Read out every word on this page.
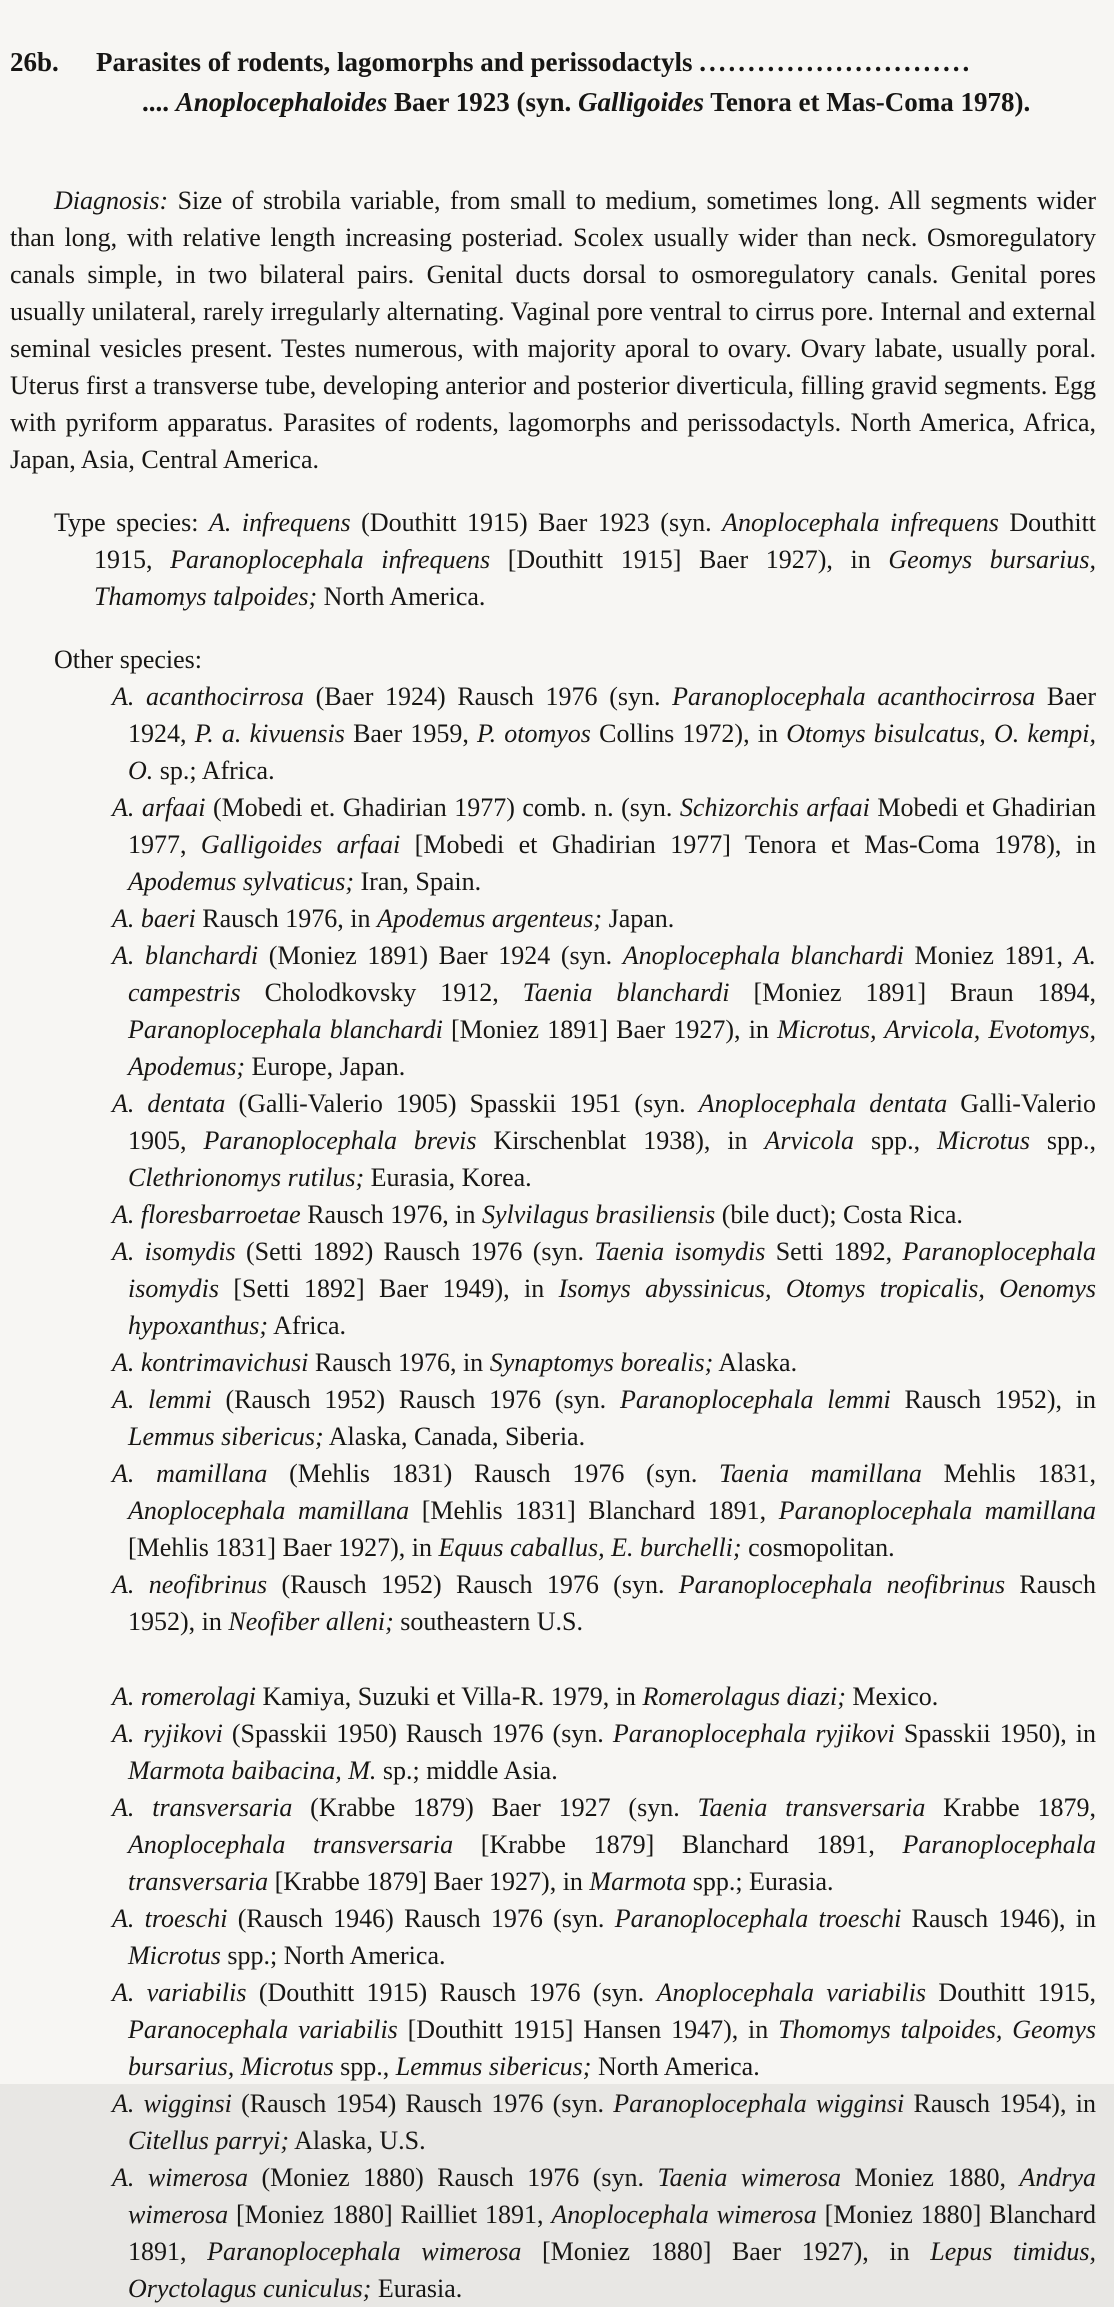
26b.	Parasites of rodents, lagomorphs and perissodactyls ............................
.... Anoplocephaloides Baer 1923 (syn. Galligoides Tenora et Mas-Coma 1978).

Diagnosis: Size of strobila variable, from small to medium, sometimes long. All segments wider than long, with relative length increasing posteriad. Scolex usually wider than neck. Osmoregulatory canals simple, in two bilateral pairs. Genital ducts dorsal to osmoregulatory canals. Genital pores usually unilateral, rarely irregularly alternating. Vaginal pore ventral to cirrus pore. Internal and external seminal vesicles present. Testes numerous, with majority aporal to ovary. Ovary labate, usually poral. Uterus first a transverse tube, developing anterior and posterior diverticula, filling gravid segments. Egg with pyriform apparatus. Parasites of rodents, lagomorphs and perissodactyls. North America, Africa, Japan, Asia, Central America.

Type species: A. infrequens (Douthitt 1915) Baer 1923 (syn. Anoplocephala infrequens Douthitt 1915, Paranoplocephala infrequens [Douthitt 1915] Baer 1927), in Geomys bursarius, Thamomys talpoides; North America.

Other species:
A. acanthocirrosa (Baer 1924) Rausch 1976 (syn. Paranoplocephala acanthocirrosa Baer 1924, P. a. kivuensis Baer 1959, P. otomyos Collins 1972), in Otomys bisulcatus, O. kempi, O. sp.; Africa.
A. arfaai (Mobedi et. Ghadirian 1977) comb. n. (syn. Schizorchis arfaai Mobedi et Ghadirian 1977, Galligoides arfaai [Mobedi et Ghadirian 1977] Tenora et Mas-Coma 1978), in Apodemus sylvaticus; Iran, Spain.
A. baeri Rausch 1976, in Apodemus argenteus; Japan.
A. blanchardi (Moniez 1891) Baer 1924 (syn. Anoplocephala blanchardi Moniez 1891, A. campestris Cholodkovsky 1912, Taenia blanchardi [Moniez 1891] Braun 1894, Paranoplocephala blanchardi [Moniez 1891] Baer 1927), in Microtus, Arvicola, Evotomys, Apodemus; Europe, Japan.
A. dentata (Galli-Valerio 1905) Spasskii 1951 (syn. Anoplocephala dentata Galli-Valerio 1905, Paranoplocephala brevis Kirschenblat 1938), in Arvicola spp., Microtus spp., Clethrionomys rutilus; Eurasia, Korea.
A. floresbarroetae Rausch 1976, in Sylvilagus brasiliensis (bile duct); Costa Rica.
A. isomydis (Setti 1892) Rausch 1976 (syn. Taenia isomydis Setti 1892, Paranoplocephala isomydis [Setti 1892] Baer 1949), in Isomys abyssinicus, Otomys tropicalis, Oenomys hypoxanthus; Africa.
A. kontrimavichusi Rausch 1976, in Synaptomys borealis; Alaska.
A. lemmi (Rausch 1952) Rausch 1976 (syn. Paranoplocephala lemmi Rausch 1952), in Lemmus sibericus; Alaska, Canada, Siberia.
A. mamillana (Mehlis 1831) Rausch 1976 (syn. Taenia mamillana Mehlis 1831, Anoplocephala mamillana [Mehlis 1831] Blanchard 1891, Paranoplocephala mamillana [Mehlis 1831] Baer 1927), in Equus caballus, E. burchelli; cosmopolitan.
A. neofibrinus (Rausch 1952) Rausch 1976 (syn. Paranoplocephala neofibrinus Rausch 1952), in Neofiber alleni; southeastern U.S.
A. romerolagi Kamiya, Suzuki et Villa-R. 1979, in Romerolagus diazi; Mexico.
A. ryjikovi (Spasskii 1950) Rausch 1976 (syn. Paranoplocephala ryjikovi Spasskii 1950), in Marmota baibacina, M. sp.; middle Asia.
A. transversaria (Krabbe 1879) Baer 1927 (syn. Taenia transversaria Krabbe 1879, Anoplocephala transversaria [Krabbe 1879] Blanchard 1891, Paranoplocephala transversaria [Krabbe 1879] Baer 1927), in Marmota spp.; Eurasia.
A. troeschi (Rausch 1946) Rausch 1976 (syn. Paranoplocephala troeschi Rausch 1946), in Microtus spp.; North America.
A. variabilis (Douthitt 1915) Rausch 1976 (syn. Anoplocephala variabilis Douthitt 1915, Paranocephala variabilis [Douthitt 1915] Hansen 1947), in Thomomys talpoides, Geomys bursarius, Microtus spp., Lemmus sibericus; North America.
A. wigginsi (Rausch 1954) Rausch 1976 (syn. Paranoplocephala wigginsi Rausch 1954), in Citellus parryi; Alaska, U.S.
A. wimerosa (Moniez 1880) Rausch 1976 (syn. Taenia wimerosa Moniez 1880, Andrya wimerosa [Moniez 1880] Railliet 1891, Anoplocephala wimerosa [Moniez 1880] Blanchard 1891, Paranoplocephala wimerosa [Moniez 1880] Baer 1927), in Lepus timidus, Oryctolagus cuniculus; Eurasia.
